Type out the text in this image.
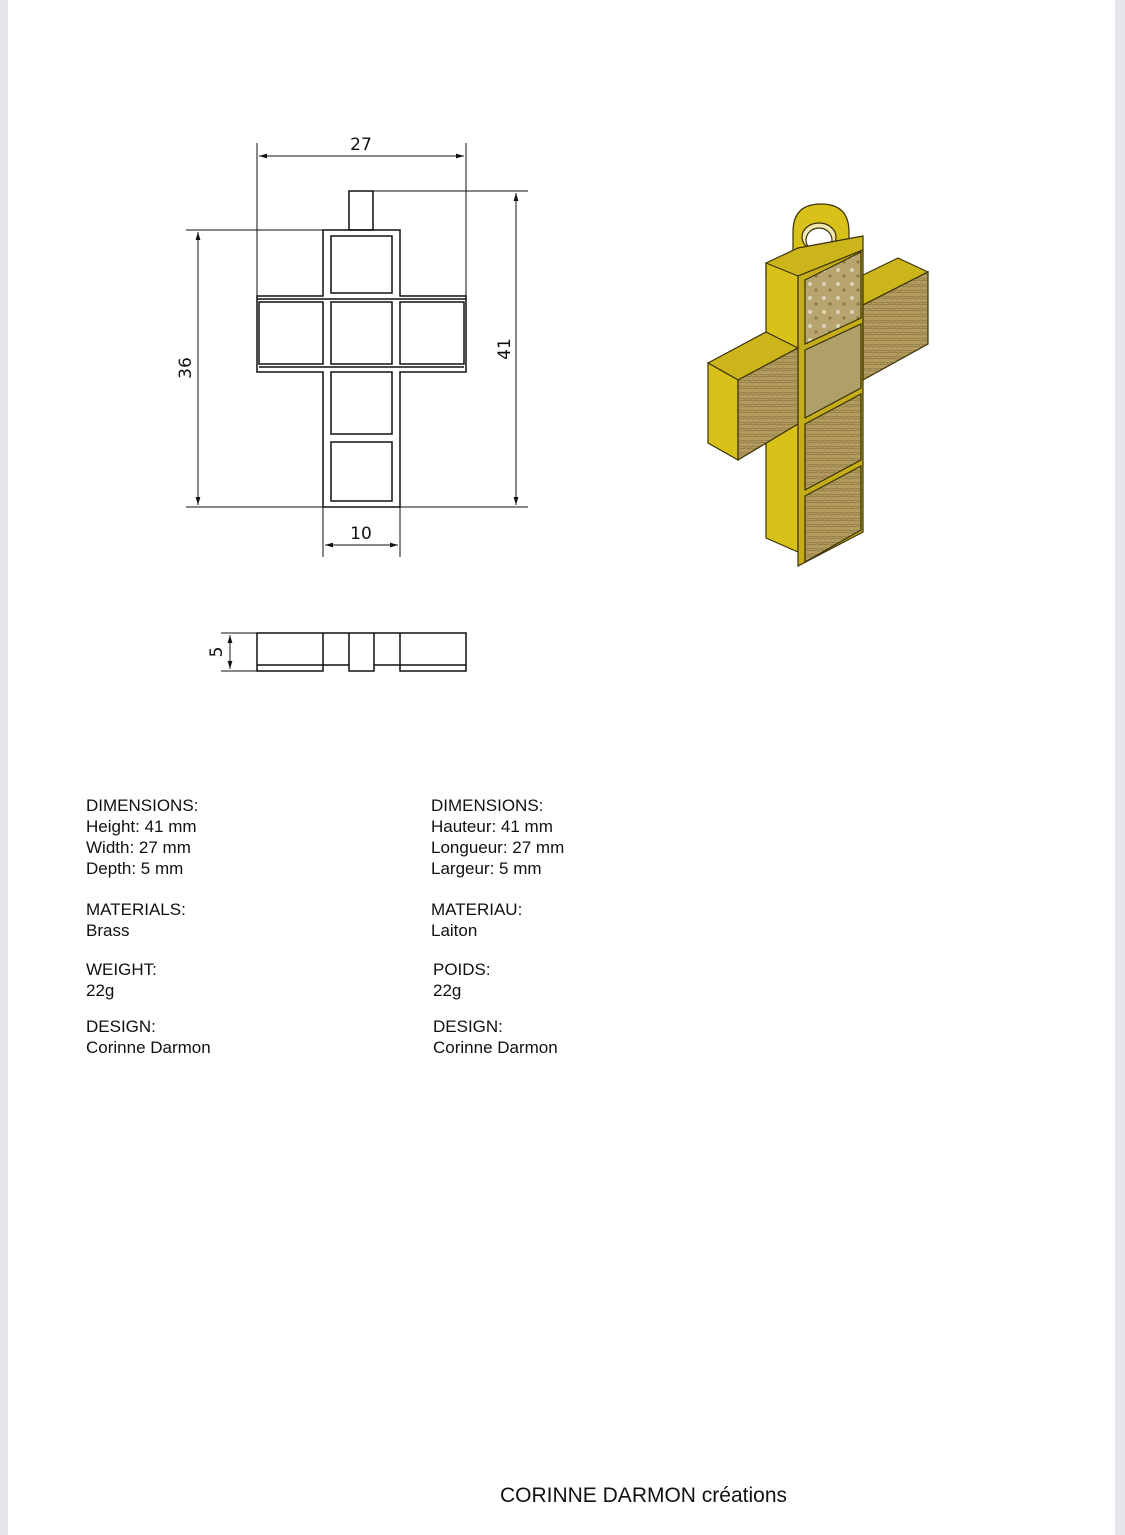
27
41
36
10
5
DIMENSIONS:
Height: 41 mm
Width: 27 mm
Depth: 5 mm
MATERIALS:
Brass
WEIGHT:
22g
DESIGN:
Corinne Darmon
DIMENSIONS:
Hauteur: 41 mm
Longueur: 27 mm
Largeur: 5 mm
MATERIAU:
Laiton
POIDS:
22g
DESIGN:
Corinne Darmon
CORINNE DARMON créations
